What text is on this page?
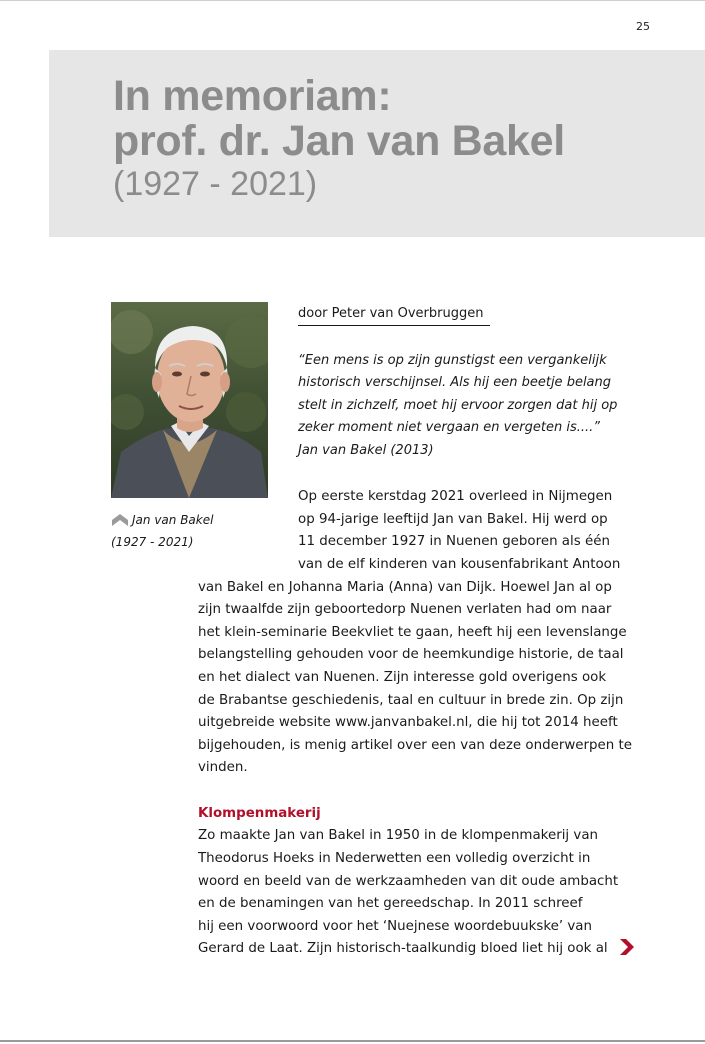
25
In memoriam:
prof. dr. Jan van Bakel
(1927 - 2021)
Jan van Bakel
(1927 - 2021)
door Peter van Overbruggen
“Een mens is op zijn gunstigst een vergankelijk
historisch verschijnsel. Als hij een beetje belang
stelt in zichzelf, moet hij ervoor zorgen dat hij op
zeker moment niet vergaan en vergeten is....”
Jan van Bakel (2013)
Op eerste kerstdag 2021 overleed in Nijmegen
op 94-jarige leeftijd Jan van Bakel. Hij werd op
11 december 1927 in Nuenen geboren als één
van de elf kinderen van kousenfabrikant Antoon
van Bakel en Johanna Maria (Anna) van Dijk. Hoewel Jan al op
zijn twaalfde zijn geboortedorp Nuenen verlaten had om naar
het klein-seminarie Beekvliet te gaan, heeft hij een levenslange
belangstelling gehouden voor de heemkundige historie, de taal
en het dialect van Nuenen. Zijn interesse gold overigens ook
de Brabantse geschiedenis, taal en cultuur in brede zin. Op zijn
uitgebreide website www.janvanbakel.nl, die hij tot 2014 heeft
bijgehouden, is menig artikel over een van deze onderwerpen te
vinden.
Klompenmakerij
Zo maakte Jan van Bakel in 1950 in de klompenmakerij van
Theodorus Hoeks in Nederwetten een volledig overzicht in
woord en beeld van de werkzaamheden van dit oude ambacht
en de benamingen van het gereedschap. In 2011 schreef
hij een voorwoord voor het ‘Nuejnese woordebuukske’ van
Gerard de Laat. Zijn historisch-taalkundig bloed liet hij ook al
